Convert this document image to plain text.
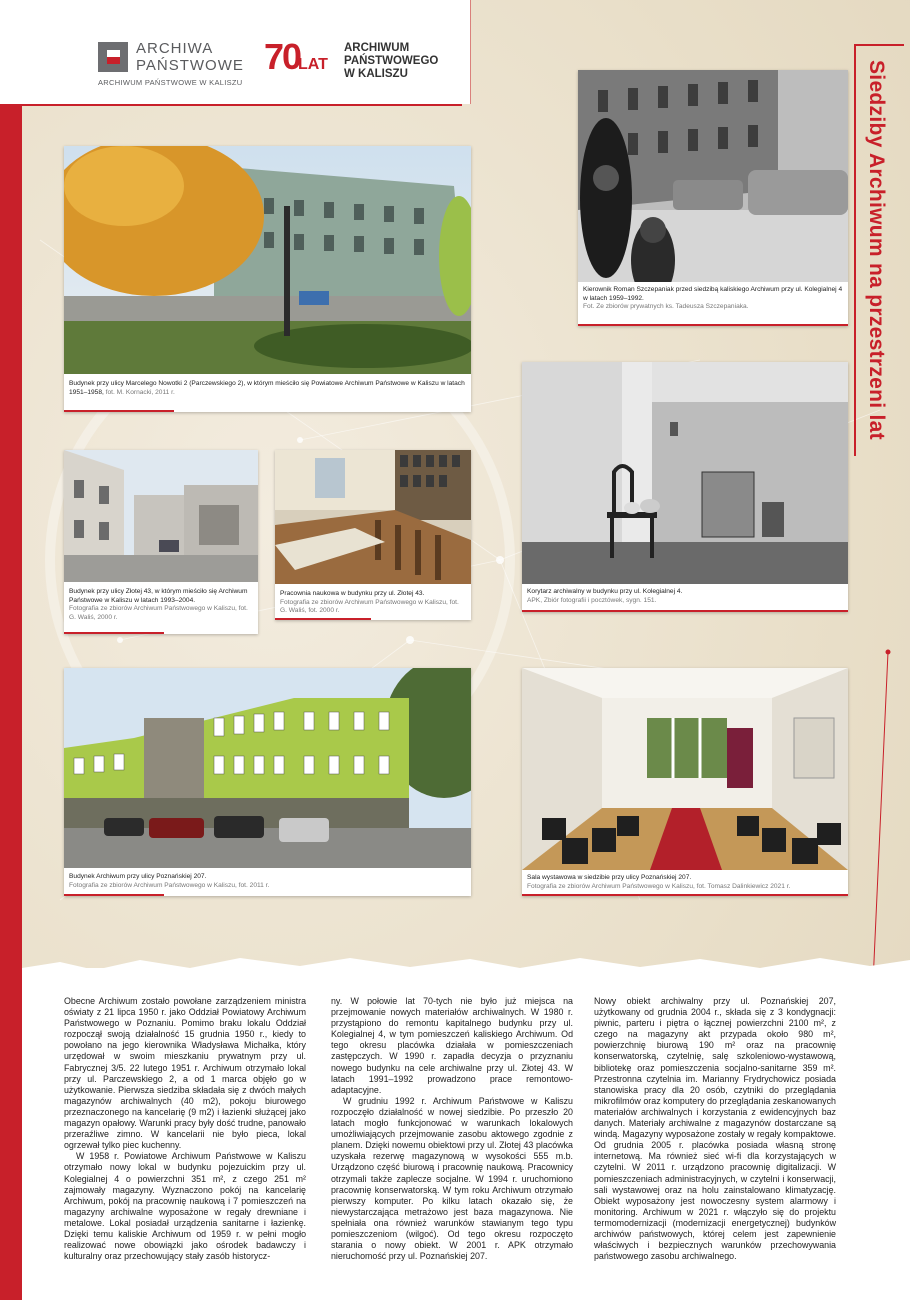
ARCHIWA
PAŃSTWOWE
ARCHIWUM PAŃSTWOWE W KALISZU
70
LAT
ARCHIWUM
PAŃSTWOWEGO
W KALISZU	Siedziby Archiwum na przestrzeni lat
Budynek przy ulicy Marcelego Nowotki 2 (Parczewskiego 2), w którym mieściło się Powiatowe Archiwum Państwowe w Kaliszu w latach 1951–1958, fot. M. Kornacki, 2011 r.
Kierownik Roman Szczepaniak przed siedzibą kaliskiego Archiwum przy ul. Kolegialnej 4 w latach 1959–1992.
Fot. Ze zbiorów prywatnych ks. Tadeusza Szczepaniaka.
Budynek przy ulicy Złotej 43, w którym mieściło się Archiwum Państwowe w Kaliszu w latach 1993–2004.
Fotografia ze zbiorów Archiwum Państwowego w Kaliszu, fot. G. Waliś, 2000 r.
Pracownia naukowa w budynku przy ul. Złotej 43.
Fotografia ze zbiorów Archiwum Państwowego w Kaliszu, fot. G. Waliś, fot. 2000 r.
Korytarz archiwalny w budynku przy ul. Kolegialnej 4.
APK, Zbiór fotografii i pocztówek, sygn. 151.
Budynek Archiwum przy ulicy Poznańskiej 207.
Fotografia ze zbiorów Archiwum Państwowego w Kaliszu, fot. 2011 r.
Sala wystawowa w siedzibie przy ulicy Poznańskiej 207.
Fotografia ze zbiorów Archiwum Państwowego w Kaliszu, fot. Tomasz Dalinkiewicz 2021 r.

Obecne Archiwum zostało powołane zarządzeniem ministra oświaty z 21 lipca 1950 r. jako Oddział Powiatowy Archiwum Państwowego w Poznaniu. Pomimo braku lokalu Oddział rozpoczął swoją działalność 15 grudnia 1950 r., kiedy to powołano na jego kierownika Władysława Michałka, który urzędował w swoim mieszkaniu prywatnym przy ul. Fabrycznej 3/5. 22 lutego 1951 r. Archiwum otrzymało lokal przy ul. Parczewskiego 2, a od 1 marca objęło go w użytkowanie. Pierwsza siedziba składała się z dwóch małych magazynów archiwalnych (40 m2), pokoju biurowego przeznaczonego na kancelarię (9 m2) i łazienki służącej jako magazyn opałowy. Warunki pracy były dość trudne, panowało przeraźliwe zimno. W kancelarii nie było pieca, lokal ogrzewał tylko piec kuchenny.

W 1958 r. Powiatowe Archiwum Państwowe w Kaliszu otrzymało nowy lokal w budynku pojezuickim przy ul. Kolegialnej 4 o powierzchni 351 m², z czego 251 m² zajmowały magazyny. Wyznaczono pokój na kancelarię Archiwum, pokój na pracownię naukową i 7 pomieszczeń na magazyny archiwalne wyposażone w regały drewniane i metalowe. Lokal posiadał urządzenia sanitarne i łazienkę. Dzięki temu kaliskie Archiwum od 1959 r. w pełni mogło realizować nowe obowiązki jako ośrodek badawczy i kulturalny oraz przechowujący stały zasób historycz-

ny. W połowie lat 70-tych nie było już miejsca na przejmowanie nowych materiałów archiwalnych. W 1980 r. przystąpiono do remontu kapitalnego budynku przy ul. Kolegialnej 4, w tym pomieszczeń kaliskiego Archiwum. Od tego okresu placówka działała w pomieszczeniach zastępczych. W 1990 r. zapadła decyzja o przyznaniu nowego budynku na cele archiwalne przy ul. Złotej 43. W latach 1991–1992 prowadzono prace remontowo-adaptacyjne.

W grudniu 1992 r. Archiwum Państwowe w Kaliszu rozpoczęło działalność w nowej siedzibie. Po przeszło 20 latach mogło funkcjonować w warunkach lokalowych umożliwiających przejmowanie zasobu aktowego zgodnie z planem. Dzięki nowemu obiektowi przy ul. Złotej 43 placówka uzyskała rezerwę magazynową w wysokości 555 m.b. Urządzono część biurową i pracownię naukową. Pracownicy otrzymali także zaplecze socjalne. W 1994 r. uruchomiono pracownię konserwatorską. W tym roku Archiwum otrzymało pierwszy komputer. Po kilku latach okazało się, że niewystarczająca metrażowo jest baza magazynowa. Nie spełniała ona również warunków stawianym tego typu pomieszczeniom (wilgoć). Od tego okresu rozpoczęto starania o nowy obiekt. W 2001 r. APK otrzymało nieruchomość przy ul. Poznańskiej 207.

Nowy obiekt archiwalny przy ul. Poznańskiej 207, użytkowany od grudnia 2004 r., składa się z 3 kondygnacji: piwnic, parteru i piętra o łącznej powierzchni 2100 m², z czego na magazyny akt przypada około 980 m², powierzchnię biurową 190 m² oraz na pracownię konserwatorską, czytelnię, salę szkoleniowo-wystawową, bibliotekę oraz pomieszczenia socjalno-sanitarne 359 m². Przestronna czytelnia im. Marianny Frydrychowicz posiada stanowiska pracy dla 20 osób, czytniki do przeglądania mikrofilmów oraz komputery do przeglądania zeskanowanych materiałów archiwalnych i korzystania z ewidencyjnych baz danych. Materiały archiwalne z magazynów dostarczane są windą. Magazyny wyposażone zostały w regały kompaktowe. Od grudnia 2005 r. placówka posiada własną stronę internetową. Ma również sieć wi-fi dla korzystających w czytelni. W 2011 r. urządzono pracownię digitalizacji. W pomieszczeniach administracyjnych, w czytelni i konserwacji, sali wystawowej oraz na holu zainstalowano klimatyzację. Obiekt wyposażony jest nowoczesny system alarmowy i monitoring. Archiwum w 2021 r. włączyło się do projektu termomodernizacji (modernizacji energetycznej) budynków archiwów państwowych, której celem jest zapewnienie właściwych i bezpiecznych warunków przechowywania państwowego zasobu archiwalnego.
